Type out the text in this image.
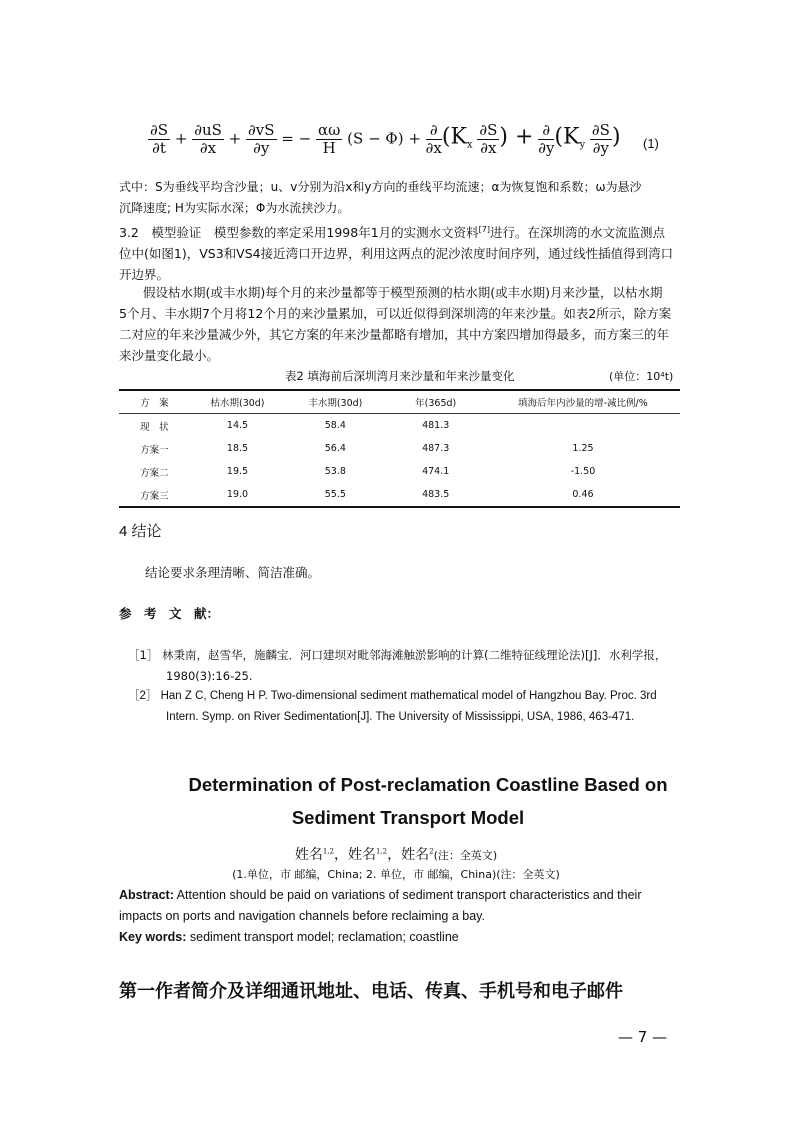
$\frac{\partial S}{\partial t} + \frac{\partial uS}{\partial x} + \frac{\partial vS}{\partial y}$ = − $\frac{\alpha\omega}{H} (S - \Phi) + \frac{\partial}{\partial x} (K_x \frac{\partial S}{\partial x}$ ) + $\frac{\partial}{\partial y} (K_y \frac{\partial S}{\partial y}$ ) (1)
式中：S为垂线平均含沙量；u、v分别为沿x和y方向的垂线平均流速；α为恢复饱和系数；ω为悬沙
沉降速度; H为实际水深；Φ为水流挟沙力。
3.2　模型验证　模型参数的率定采用1998年1月的实测水文资料[7]进行。在深圳湾的水文流监测点
位中(如图1)，VS3和VS4接近湾口开边界，利用这两点的泥沙浓度时间序列，通过线性插值得到湾口
开边界。
假设枯水期(或丰水期)每个月的来沙量都等于模型预测的枯水期(或丰水期)月来沙量，以枯水期
5个月、丰水期7个月将12个月的来沙量累加，可以近似得到深圳湾的年来沙量。如表2所示，除方案
二对应的年来沙量减少外，其它方案的年来沙量都略有增加，其中方案四增加得最多，而方案三的年
来沙量变化最小。
表2 填海前后深圳湾月来沙量和年来沙量变化	(单位：10⁴t)
方　案	枯水期(30d)	丰水期(30d)	年(365d)	填海后年内沙量的增-减比例/%
现　状	14.5	58.4	481.3	
方案一	18.5	56.4	487.3	1.25
方案二	19.5	53.8	474.1	-1.50
方案三	19.0	55.5	483.5	0.46
4 结论
结论要求条理清晰、简洁准确。
参　考　文　献：
［1］ 林秉南，赵雪华，施麟宝．河口建坝对毗邻海滩触淤影响的计算(二维特征线理论法)[J]．水利学报，
1980(3):16-25.
［2］ Han Z C, Cheng H P. Two-dimensional sediment mathematical model of Hangzhou Bay. Proc. 3rd
Intern. Symp. on River Sedimentation[J]. The University of Mississippi, USA, 1986, 463-471.
Determination of Post-reclamation Coastline Based on
Sediment Transport Model
姓名$^{1,2}$，姓名$^{1,2}$，姓名$^2$(注：全英文)
(1.单位，市 邮编，China; 2. 单位，市 邮编，China)(注：全英文)
Abstract: Attention should be paid on variations of sediment transport characteristics and their
impacts on ports and navigation channels before reclaiming a bay.
Key words: sediment transport model; reclamation; coastline
第一作者简介及详细通讯地址、电话、传真、手机号和电子邮件
— 7 —
